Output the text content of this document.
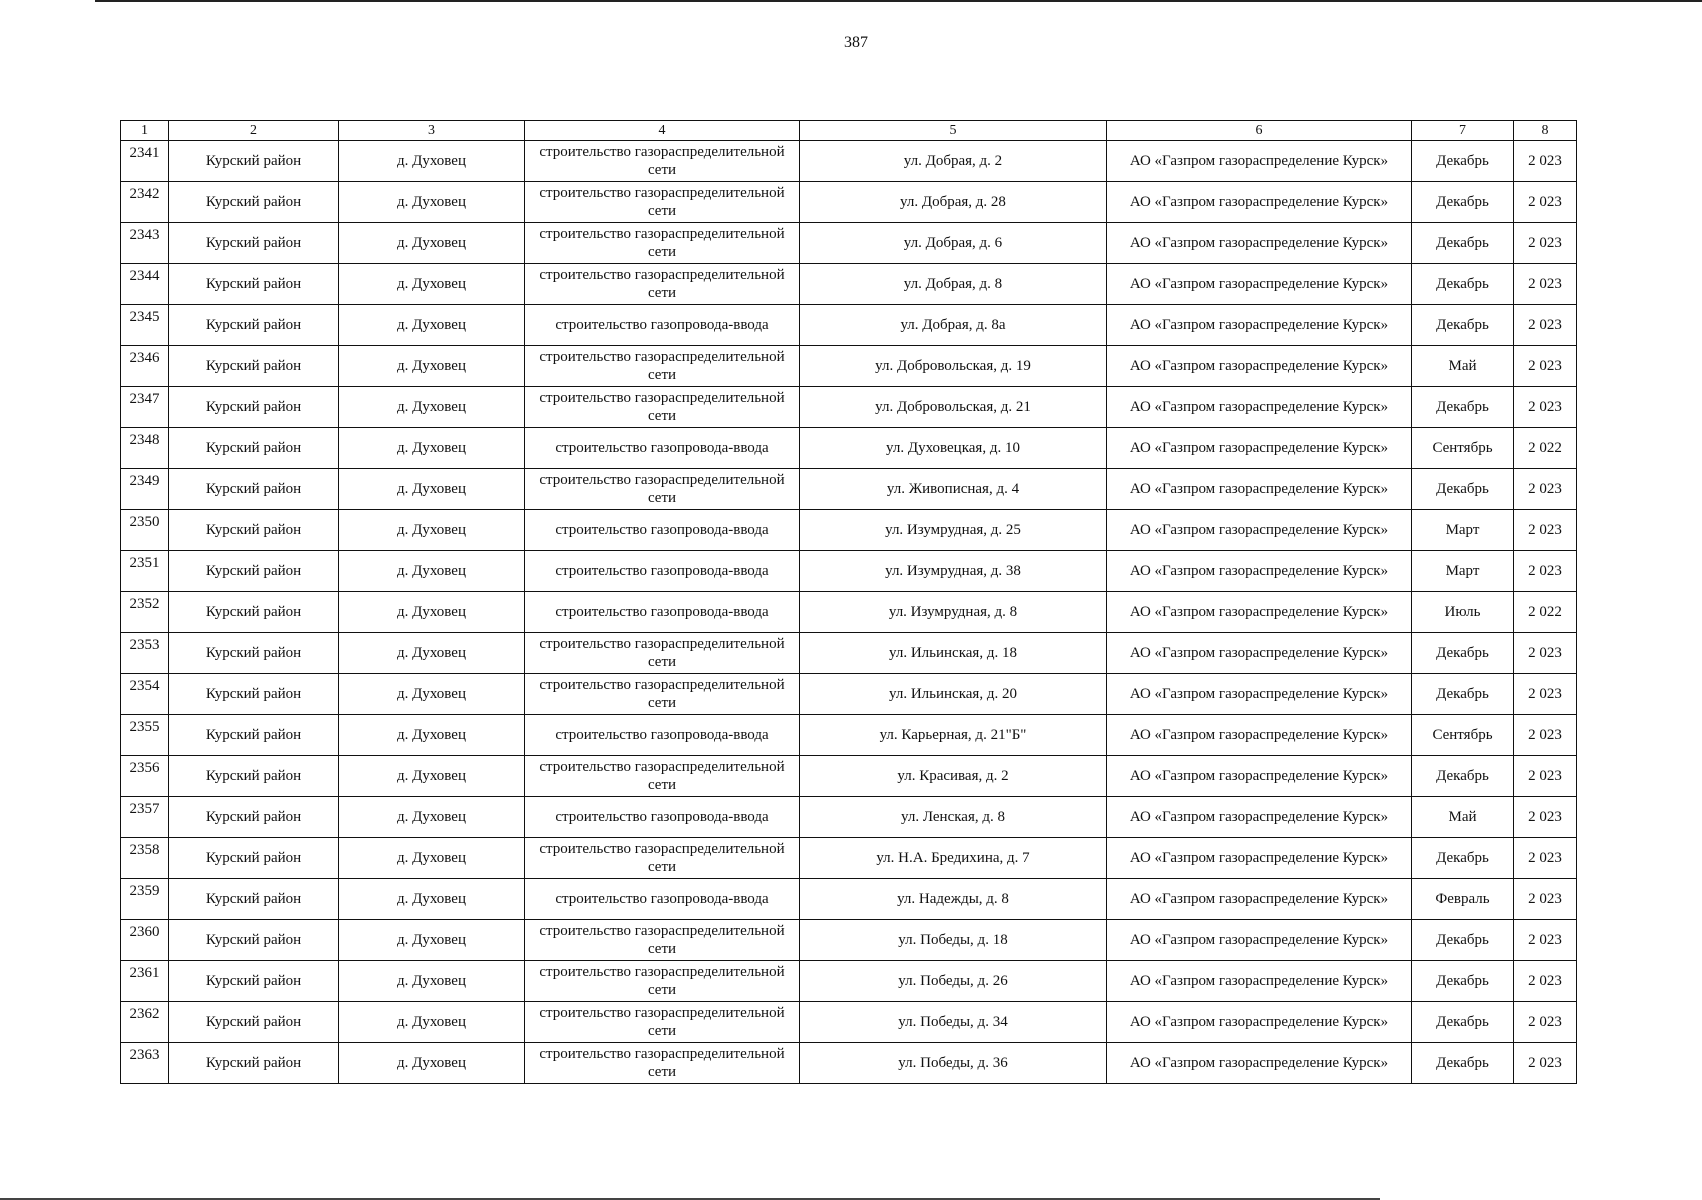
387
1	2	3	4	5	6	7	8
2341	Курский район	д. Духовец	строительство газораспределительной сети	ул. Добрая, д. 2	АО «Газпром газораспределение Курск»	Декабрь	2 023
2342	Курский район	д. Духовец	строительство газораспределительной сети	ул. Добрая, д. 28	АО «Газпром газораспределение Курск»	Декабрь	2 023
2343	Курский район	д. Духовец	строительство газораспределительной сети	ул. Добрая, д. 6	АО «Газпром газораспределение Курск»	Декабрь	2 023
2344	Курский район	д. Духовец	строительство газораспределительной сети	ул. Добрая, д. 8	АО «Газпром газораспределение Курск»	Декабрь	2 023
2345	Курский район	д. Духовец	строительство газопровода-ввода	ул. Добрая, д. 8а	АО «Газпром газораспределение Курск»	Декабрь	2 023
2346	Курский район	д. Духовец	строительство газораспределительной сети	ул. Добровольская, д. 19	АО «Газпром газораспределение Курск»	Май	2 023
2347	Курский район	д. Духовец	строительство газораспределительной сети	ул. Добровольская, д. 21	АО «Газпром газораспределение Курск»	Декабрь	2 023
2348	Курский район	д. Духовец	строительство газопровода-ввода	ул. Духовецкая, д. 10	АО «Газпром газораспределение Курск»	Сентябрь	2 022
2349	Курский район	д. Духовец	строительство газораспределительной сети	ул. Живописная, д. 4	АО «Газпром газораспределение Курск»	Декабрь	2 023
2350	Курский район	д. Духовец	строительство газопровода-ввода	ул. Изумрудная, д. 25	АО «Газпром газораспределение Курск»	Март	2 023
2351	Курский район	д. Духовец	строительство газопровода-ввода	ул. Изумрудная, д. 38	АО «Газпром газораспределение Курск»	Март	2 023
2352	Курский район	д. Духовец	строительство газопровода-ввода	ул. Изумрудная, д. 8	АО «Газпром газораспределение Курск»	Июль	2 022
2353	Курский район	д. Духовец	строительство газораспределительной сети	ул. Ильинская, д. 18	АО «Газпром газораспределение Курск»	Декабрь	2 023
2354	Курский район	д. Духовец	строительство газораспределительной сети	ул. Ильинская, д. 20	АО «Газпром газораспределение Курск»	Декабрь	2 023
2355	Курский район	д. Духовец	строительство газопровода-ввода	ул. Карьерная, д. 21"Б"	АО «Газпром газораспределение Курск»	Сентябрь	2 023
2356	Курский район	д. Духовец	строительство газораспределительной сети	ул. Красивая, д. 2	АО «Газпром газораспределение Курск»	Декабрь	2 023
2357	Курский район	д. Духовец	строительство газопровода-ввода	ул. Ленская, д. 8	АО «Газпром газораспределение Курск»	Май	2 023
2358	Курский район	д. Духовец	строительство газораспределительной сети	ул. Н.А. Бредихина, д. 7	АО «Газпром газораспределение Курск»	Декабрь	2 023
2359	Курский район	д. Духовец	строительство газопровода-ввода	ул. Надежды, д. 8	АО «Газпром газораспределение Курск»	Февраль	2 023
2360	Курский район	д. Духовец	строительство газораспределительной сети	ул. Победы, д. 18	АО «Газпром газораспределение Курск»	Декабрь	2 023
2361	Курский район	д. Духовец	строительство газораспределительной сети	ул. Победы, д. 26	АО «Газпром газораспределение Курск»	Декабрь	2 023
2362	Курский район	д. Духовец	строительство газораспределительной сети	ул. Победы, д. 34	АО «Газпром газораспределение Курск»	Декабрь	2 023
2363	Курский район	д. Духовец	строительство газораспределительной сети	ул. Победы, д. 36	АО «Газпром газораспределение Курск»	Декабрь	2 023
